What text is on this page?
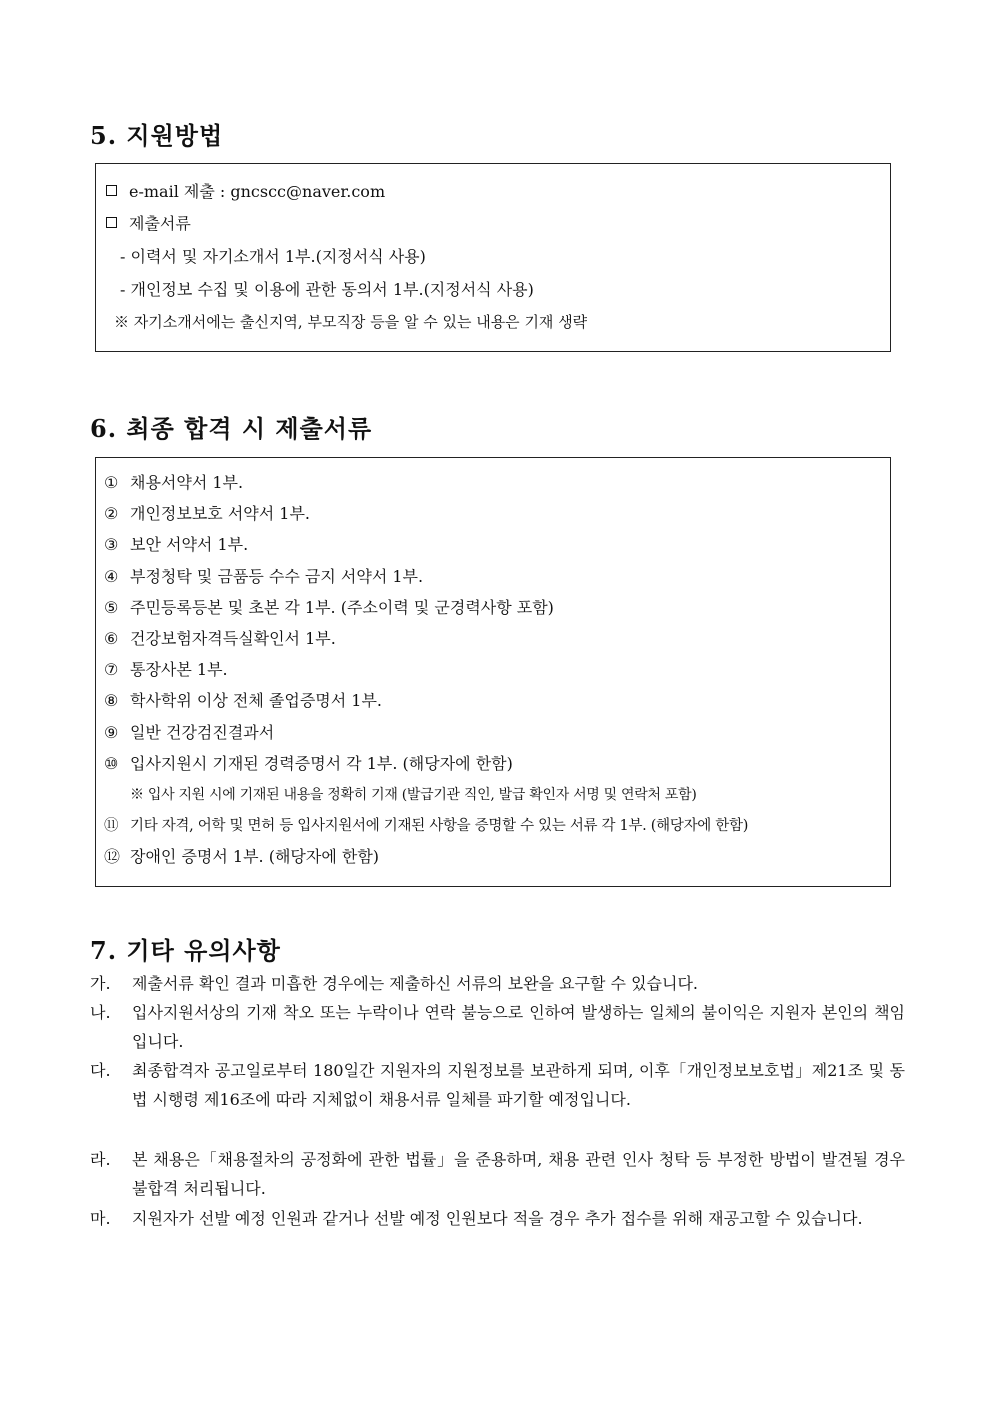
5. 지원방법
e-mail 제출 : gncscc@naver.com
제출서류
- 이력서 및 자기소개서 1부.(지정서식 사용)
- 개인정보 수집 및 이용에 관한 동의서 1부.(지정서식 사용)
※ 자기소개서에는 출신지역, 부모직장 등을 알 수 있는 내용은 기재 생략
6. 최종 합격 시 제출서류
① 채용서약서 1부.
② 개인정보보호 서약서 1부.
③ 보안 서약서 1부.
④ 부정청탁 및 금품등 수수 금지 서약서 1부.
⑤ 주민등록등본 및 초본 각 1부. (주소이력 및 군경력사항 포함)
⑥ 건강보험자격득실확인서 1부.
⑦ 통장사본 1부.
⑧ 학사학위 이상 전체 졸업증명서 1부.
⑨ 일반 건강검진결과서
⑩ 입사지원시 기재된 경력증명서 각 1부. (해당자에 한함)
※ 입사 지원 시에 기재된 내용을 정확히 기재 (발급기관 직인, 발급 확인자 서명 및 연락처 포함)
⑪ 기타 자격, 어학 및 면허 등 입사지원서에 기재된 사항을 증명할 수 있는 서류 각 1부. (해당자에 한함)
⑫ 장애인 증명서 1부. (해당자에 한함)
7. 기타 유의사항
가. 제출서류 확인 결과 미흡한 경우에는 제출하신 서류의 보완을 요구할 수 있습니다.
나. 입사지원서상의 기재 착오 또는 누락이나 연락 불능으로 인하여 발생하는 일체의 불이익은 지원자 본인의 책임입니다.
다. 최종합격자 공고일로부터 180일간 지원자의 지원정보를 보관하게 되며, 이후「개인정보보호법」제21조 및 동법 시행령 제16조에 따라 지체없이 채용서류 일체를 파기할 예정입니다.
라. 본 채용은「채용절차의 공정화에 관한 법률」을 준용하며, 채용 관련 인사 청탁 등 부정한 방법이 발견될 경우 불합격 처리됩니다.
마. 지원자가 선발 예정 인원과 같거나 선발 예정 인원보다 적을 경우 추가 접수를 위해 재공고할 수 있습니다.
